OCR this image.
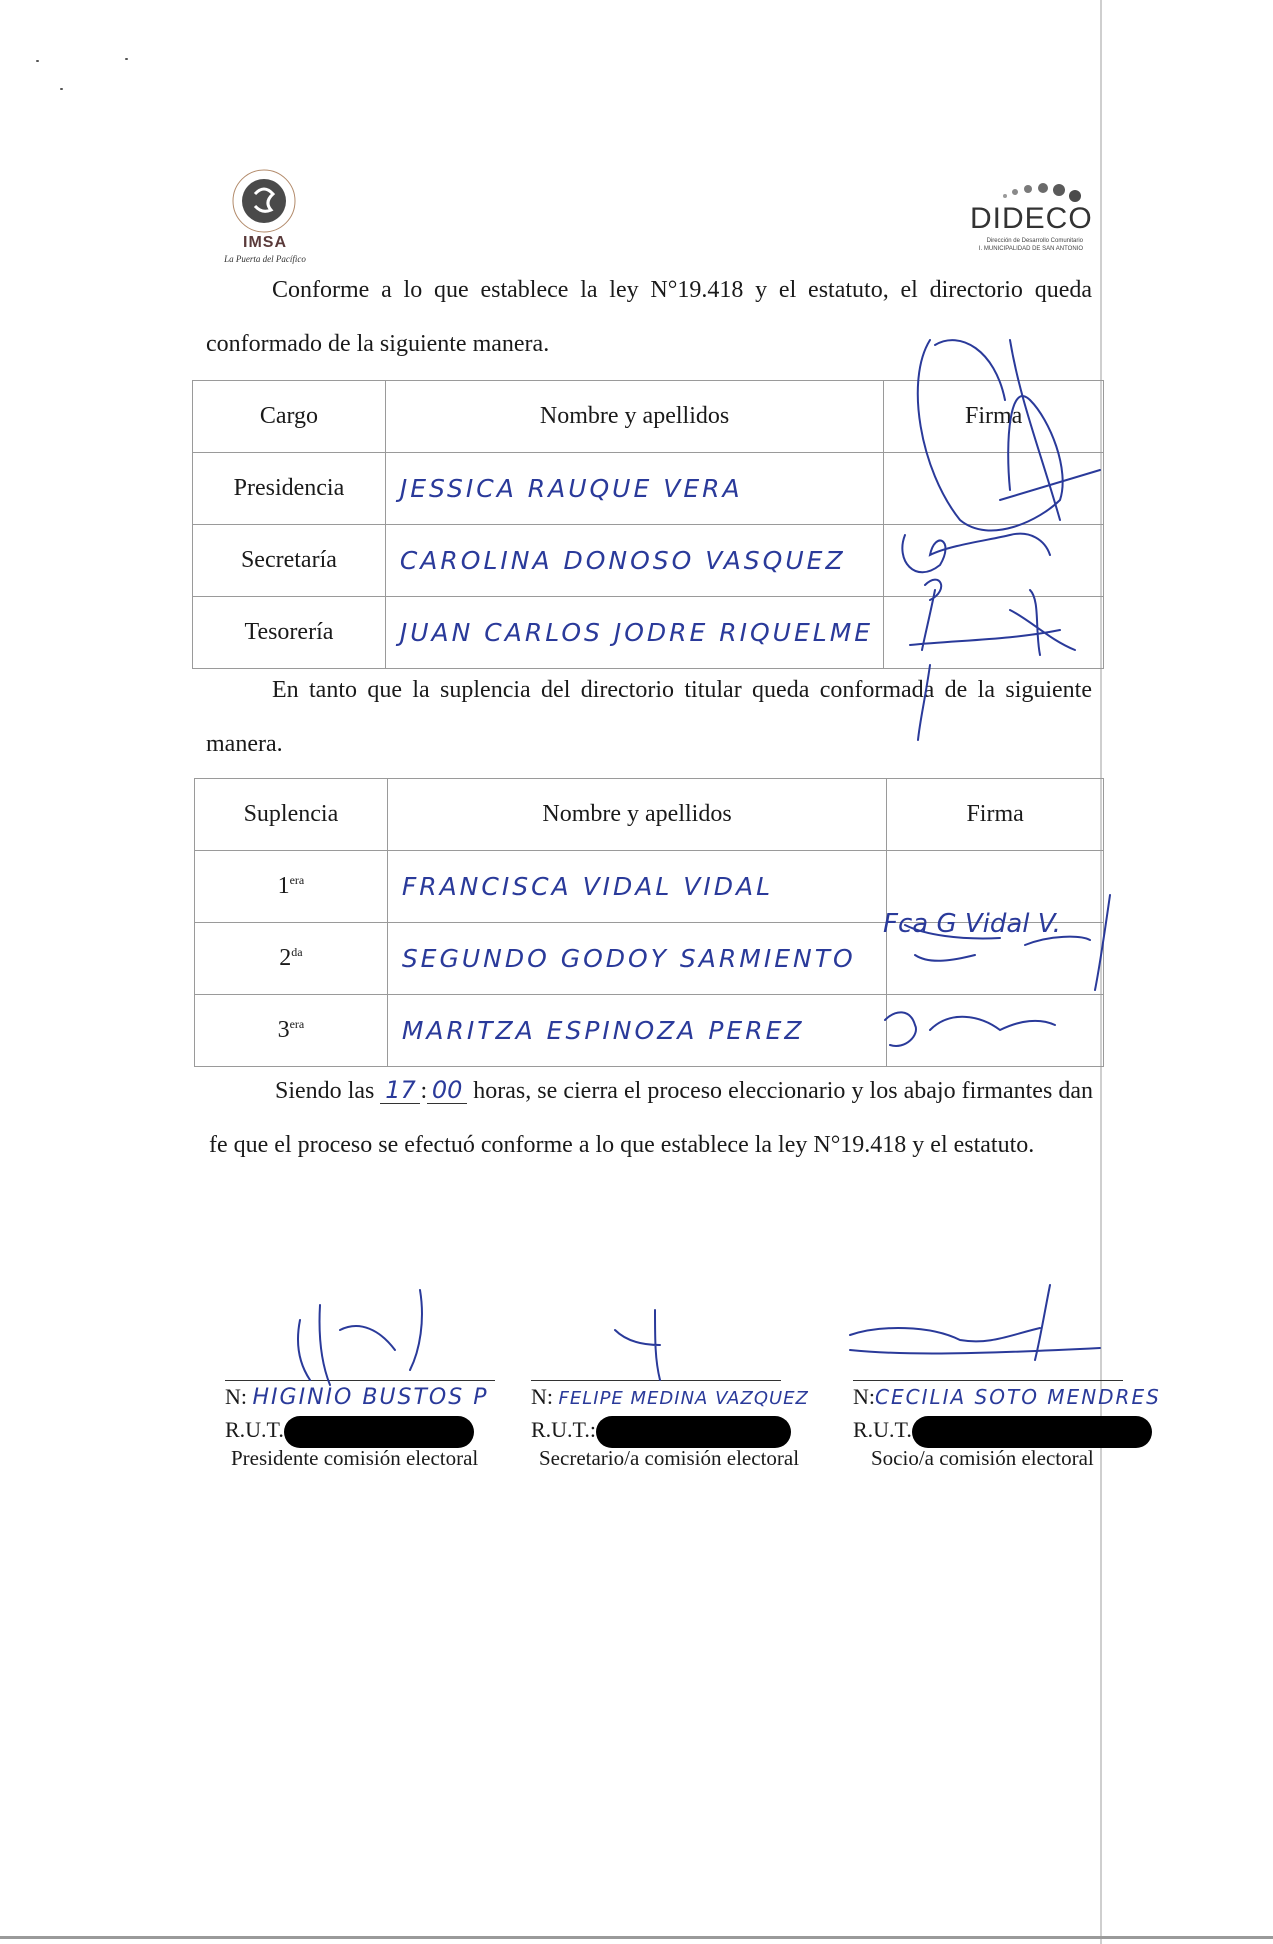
IMSA
La Puerta del Pacífico
DIDECO
Dirección de Desarrollo Comunitario
I. MUNICIPALIDAD DE SAN ANTONIO
Conforme a lo que establece la ley N°19.418 y el estatuto, el directorio queda conformado de la siguiente manera.
Cargo	Nombre y apellidos	Firma
Presidencia	JESSICA RAUQUE VERA	
Secretaría	CAROLINA DONOSO VASQUEZ	
Tesorería	JUAN CARLOS JODRE RIQUELME	
En tanto que la suplencia del directorio titular queda conformada de la siguiente manera.
Suplencia	Nombre y apellidos	Firma
$1^{era}$	FRANCISCA VIDAL VIDAL	
$2^{da}$	SEGUNDO GODOY SARMIENTO	
$3^{era}$	MARITZA ESPINOZA PEREZ	
Siendo las 17 : 00 horas, se cierra el proceso eleccionario y los abajo firmantes dan fe que el proceso se efectuó conforme a lo que establece la ley N°19.418 y el estatuto.
N: HIGINIO BUSTOS P
R.U.T.
Presidente comisión electoral
N: FELIPE MEDINA VAZQUEZ
R.U.T.:
Secretario/a comisión electoral
N:CECILIA SOTO MENDRES
R.U.T.
Socio/a comisión electoral
Fca G Vidal V.
